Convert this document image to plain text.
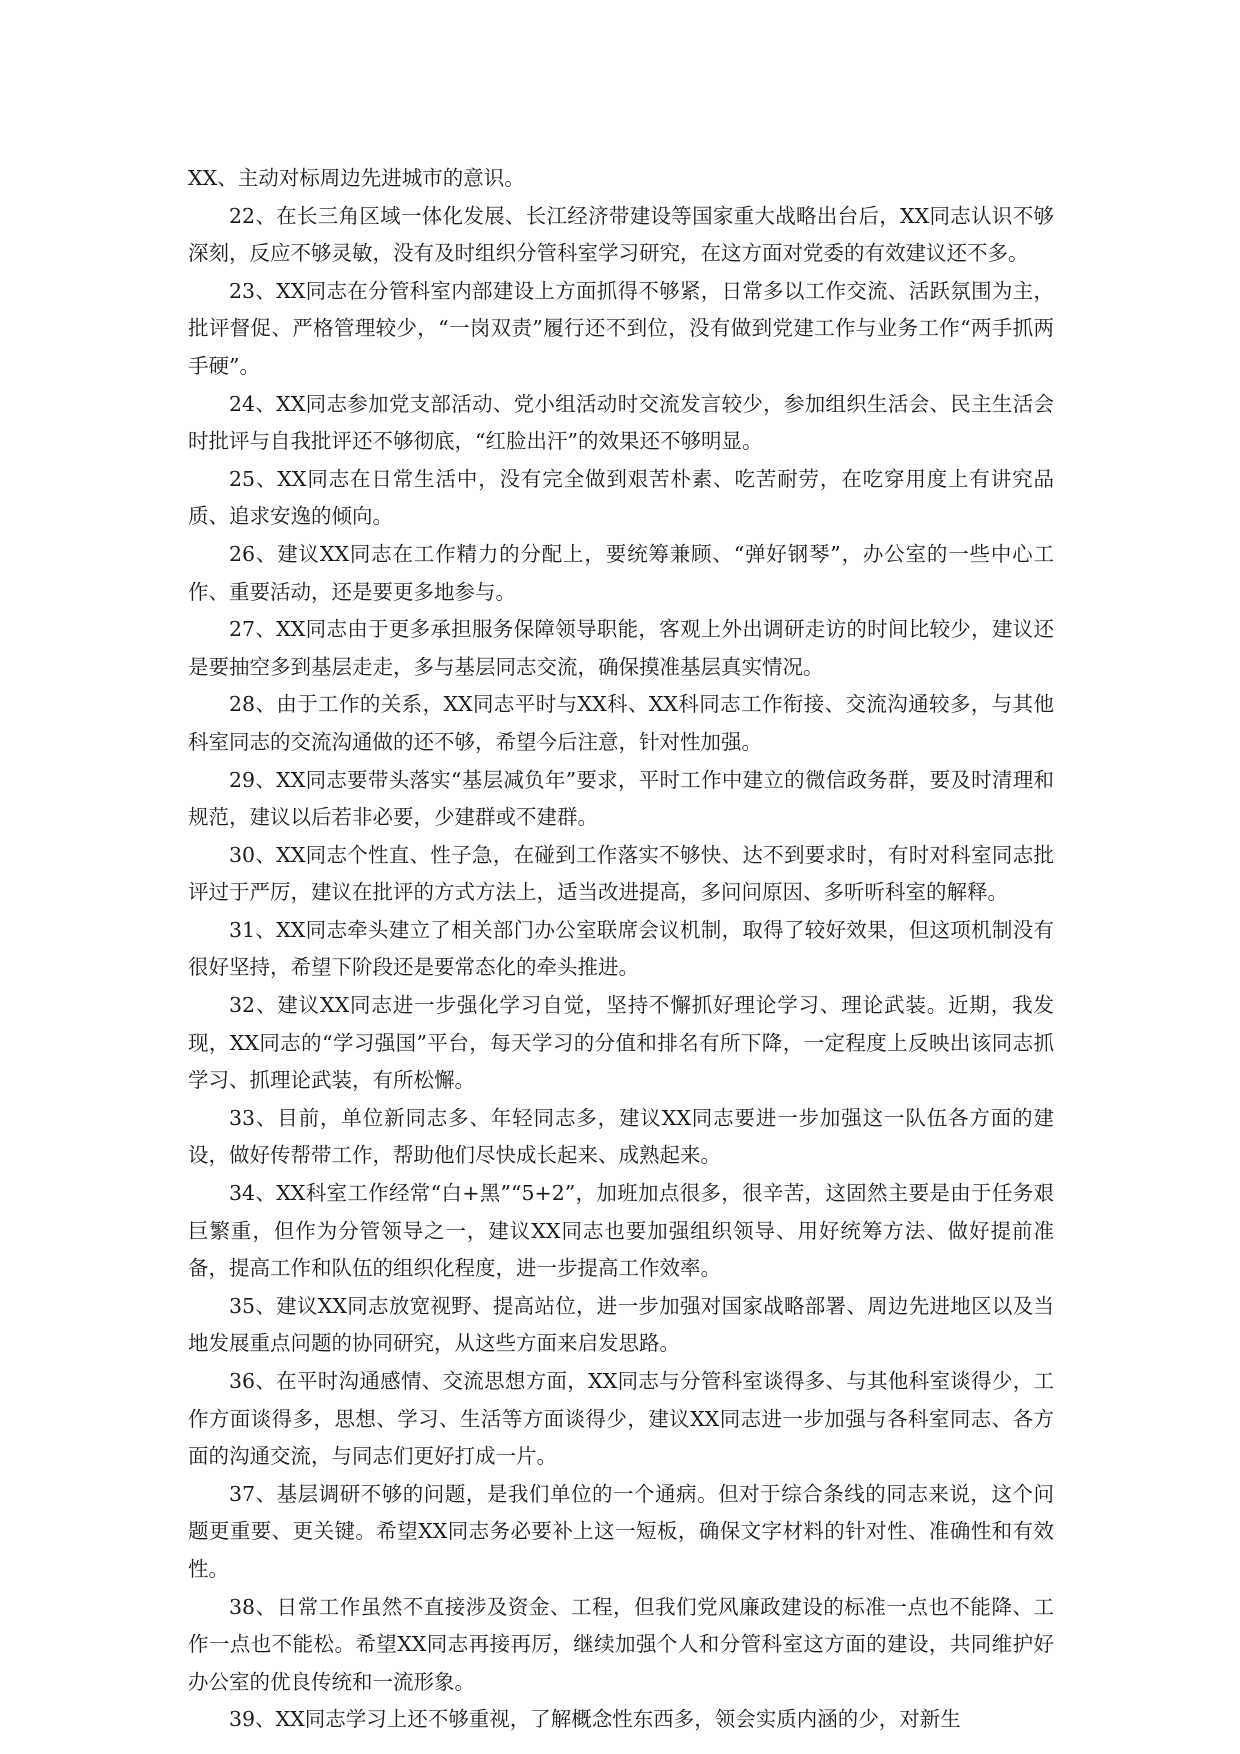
XX、主动对标周边先进城市的意识。

22、在长三角区域一体化发展、长江经济带建设等国家重大战略出台后，XX同志认识不够深刻，反应不够灵敏，没有及时组织分管科室学习研究，在这方面对党委的有效建议还不多。

23、XX同志在分管科室内部建设上方面抓得不够紧，日常多以工作交流、活跃氛围为主，批评督促、严格管理较少，“一岗双责”履行还不到位，没有做到党建工作与业务工作“两手抓两手硬”。

24、XX同志参加党支部活动、党小组活动时交流发言较少，参加组织生活会、民主生活会时批评与自我批评还不够彻底，“红脸出汗”的效果还不够明显。

25、XX同志在日常生活中，没有完全做到艰苦朴素、吃苦耐劳，在吃穿用度上有讲究品质、追求安逸的倾向。

26、建议XX同志在工作精力的分配上，要统筹兼顾、“弹好钢琴”，办公室的一些中心工作、重要活动，还是要更多地参与。

27、XX同志由于更多承担服务保障领导职能，客观上外出调研走访的时间比较少，建议还是要抽空多到基层走走，多与基层同志交流，确保摸准基层真实情况。

28、由于工作的关系，XX同志平时与XX科、XX科同志工作衔接、交流沟通较多，与其他科室同志的交流沟通做的还不够，希望今后注意，针对性加强。

29、XX同志要带头落实“基层减负年”要求，平时工作中建立的微信政务群，要及时清理和规范，建议以后若非必要，少建群或不建群。

30、XX同志个性直、性子急，在碰到工作落实不够快、达不到要求时，有时对科室同志批评过于严厉，建议在批评的方式方法上，适当改进提高，多问问原因、多听听科室的解释。

31、XX同志牵头建立了相关部门办公室联席会议机制，取得了较好效果，但这项机制没有很好坚持，希望下阶段还是要常态化的牵头推进。

32、建议XX同志进一步强化学习自觉，坚持不懈抓好理论学习、理论武装。近期，我发现，XX同志的“学习强国”平台，每天学习的分值和排名有所下降，一定程度上反映出该同志抓学习、抓理论武装，有所松懈。

33、目前，单位新同志多、年轻同志多，建议XX同志要进一步加强这一队伍各方面的建设，做好传帮带工作，帮助他们尽快成长起来、成熟起来。

34、XX科室工作经常“白+黑”“5+2”，加班加点很多，很辛苦，这固然主要是由于任务艰巨繁重，但作为分管领导之一，建议XX同志也要加强组织领导、用好统筹方法、做好提前准备，提高工作和队伍的组织化程度，进一步提高工作效率。

35、建议XX同志放宽视野、提高站位，进一步加强对国家战略部署、周边先进地区以及当地发展重点问题的协同研究，从这些方面来启发思路。

36、在平时沟通感情、交流思想方面，XX同志与分管科室谈得多、与其他科室谈得少，工作方面谈得多，思想、学习、生活等方面谈得少，建议XX同志进一步加强与各科室同志、各方面的沟通交流，与同志们更好打成一片。

37、基层调研不够的问题，是我们单位的一个通病。但对于综合条线的同志来说，这个问题更重要、更关键。希望XX同志务必要补上这一短板，确保文字材料的针对性、准确性和有效性。

38、日常工作虽然不直接涉及资金、工程，但我们党风廉政建设的标准一点也不能降、工作一点也不能松。希望XX同志再接再厉，继续加强个人和分管科室这方面的建设，共同维护好办公室的优良传统和一流形象。

39、XX同志学习上还不够重视，了解概念性东西多，领会实质内涵的少，对新生
